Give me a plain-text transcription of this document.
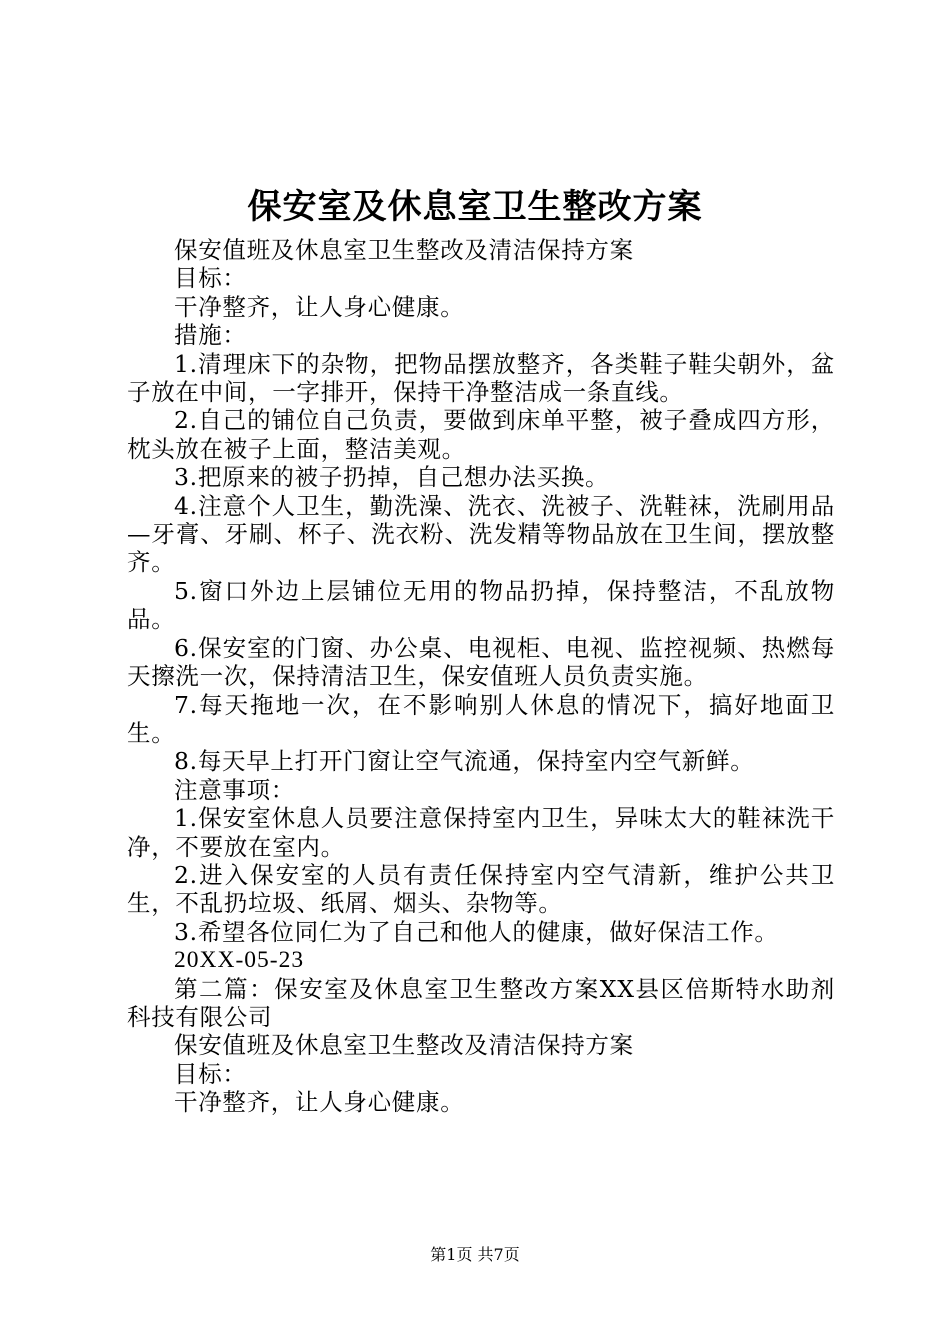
保安室及休息室卫生整改方案

保安值班及休息室卫生整改及清洁保持方案

目标：

干净整齐，让人身心健康。

措施：

1.清理床下的杂物，把物品摆放整齐，各类鞋子鞋尖朝外，盆子放在中间，一字排开，保持干净整洁成一条直线。

2.自己的铺位自己负责，要做到床单平整，被子叠成四方形，枕头放在被子上面，整洁美观。

3.把原来的被子扔掉，自己想办法买换。

4.注意个人卫生，勤洗澡、洗衣、洗被子、洗鞋袜，洗刷用品—牙膏、牙刷、杯子、洗衣粉、洗发精等物品放在卫生间，摆放整齐。

5.窗口外边上层铺位无用的物品扔掉，保持整洁，不乱放物品。

6.保安室的门窗、办公桌、电视柜、电视、监控视频、热燃每天擦洗一次，保持清洁卫生，保安值班人员负责实施。

7.每天拖地一次，在不影响别人休息的情况下，搞好地面卫生。

8.每天早上打开门窗让空气流通，保持室内空气新鲜。

注意事项：

1.保安室休息人员要注意保持室内卫生，异味太大的鞋袜洗干净，不要放在室内。

2.进入保安室的人员有责任保持室内空气清新，维护公共卫生，不乱扔垃圾、纸屑、烟头、杂物等。

3.希望各位同仁为了自己和他人的健康，做好保洁工作。

20XX-05-23

第二篇：保安室及休息室卫生整改方案XX县区倍斯特水助剂科技有限公司

保安值班及休息室卫生整改及清洁保持方案

目标：

干净整齐，让人身心健康。

第1页 共7页
